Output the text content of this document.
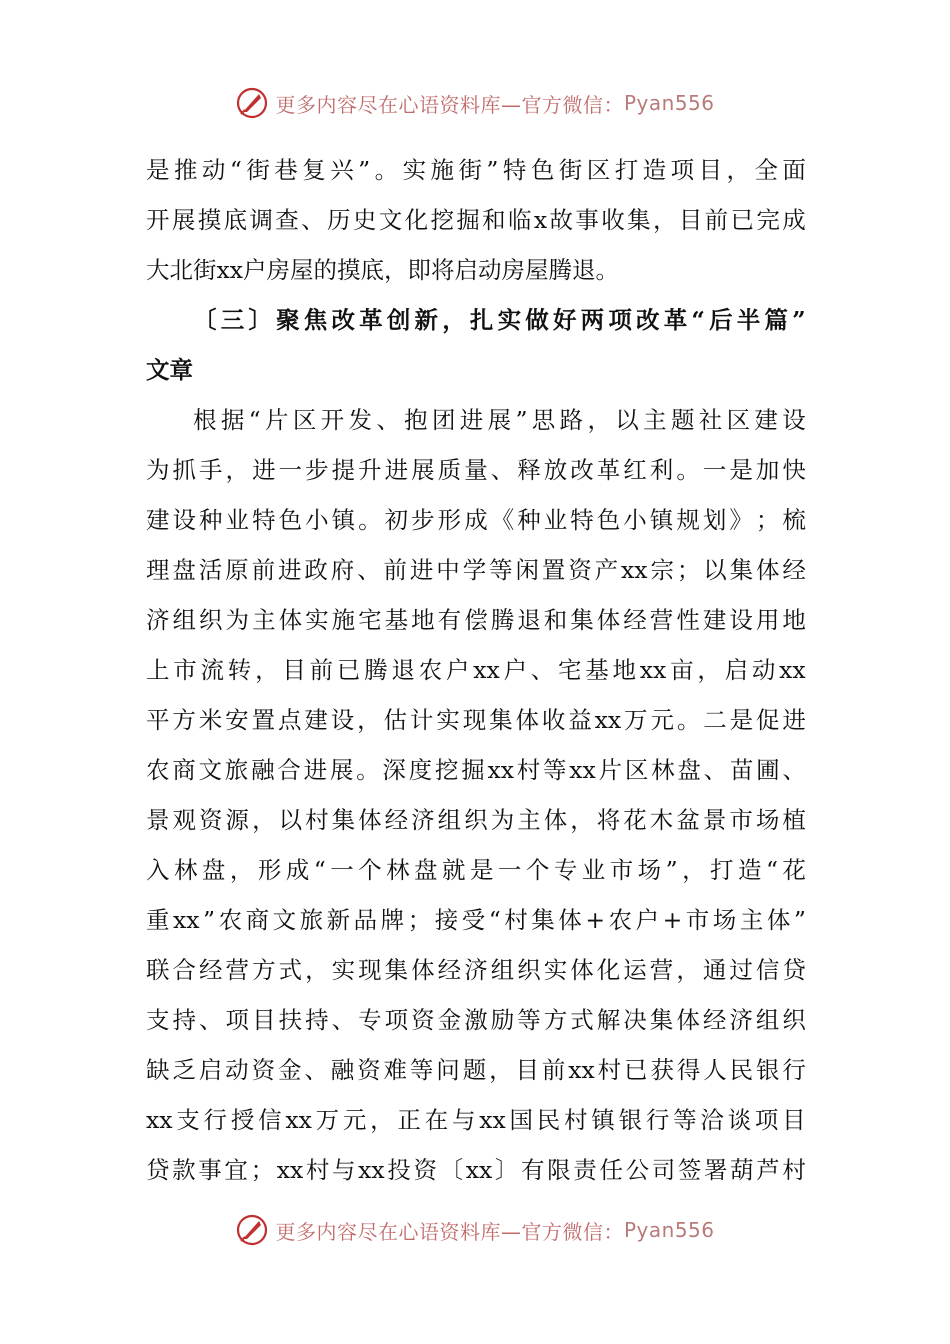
更多内容尽在心语资料库—官方微信： Pyan556
是 推 动 “ 街 巷 复 兴 ” 。 实 施 街 ” 特 色 街 区 打 造 项 目 ， 全 面
开 展 摸 底 调 查 、 历 史 文 化 挖 掘 和 临 x 故 事 收 集 ， 目 前 已 完 成
大北街xx户房屋的摸底，即将启动房屋腾退。
〔 三 〕 聚 焦 改 革 创 新 ， 扎 实 做 好 两 项 改 革 “ 后 半 篇 ”
文章
根 据 “ 片 区 开 发 、 抱 团 进 展 ” 思 路 ， 以 主 题 社 区 建 设
为 抓 手 ， 进 一 步 提 升 进 展 质 量 、 释 放 改 革 红 利 。 一 是 加 快
建 设 种 业 特 色 小 镇 。 初 步 形 成 《 种 业 特 色 小 镇 规 划 》 ； 梳
理 盘 活 原 前 进 政 府 、 前 进 中 学 等 闲 置 资 产 xx 宗 ； 以 集 体 经
济 组 织 为 主 体 实 施 宅 基 地 有 偿 腾 退 和 集 体 经 营 性 建 设 用 地
上 市 流 转 ， 目 前 已 腾 退 农 户 xx 户 、 宅 基 地 xx 亩 ， 启 动 xx
平 方 米 安 置 点 建 设 ， 估 计 实 现 集 体 收 益 xx 万 元 。 二 是 促 进
农 商 文 旅 融 合 进 展 。 深 度 挖 掘 xx 村 等 xx 片 区 林 盘 、 苗 圃 、
景 观 资 源 ， 以 村 集 体 经 济 组 织 为 主 体 ， 将 花 木 盆 景 市 场 植
入 林 盘 ， 形 成 “ 一 个 林 盘 就 是 一 个 专 业 市 场 ” ， 打 造 “ 花
重 xx ” 农 商 文 旅 新 品 牌 ； 接 受 “ 村 集 体 + 农 户 + 市 场 主 体 ”
联 合 经 营 方 式 ， 实 现 集 体 经 济 组 织 实 体 化 运 营 ， 通 过 信 贷
支 持 、 项 目 扶 持 、 专 项 资 金 激 励 等 方 式 解 决 集 体 经 济 组 织
缺 乏 启 动 资 金 、 融 资 难 等 问 题 ， 目 前 xx 村 已 获 得 人 民 银 行
xx 支 行 授 信 xx 万 元 ， 正 在 与 xx 国 民 村 镇 银 行 等 洽 谈 项 目
贷 款 事 宜 ； xx 村 与 xx 投 资 〔 xx 〕 有 限 责 任 公 司 签 署 葫 芦 村
更多内容尽在心语资料库—官方微信： Pyan556
